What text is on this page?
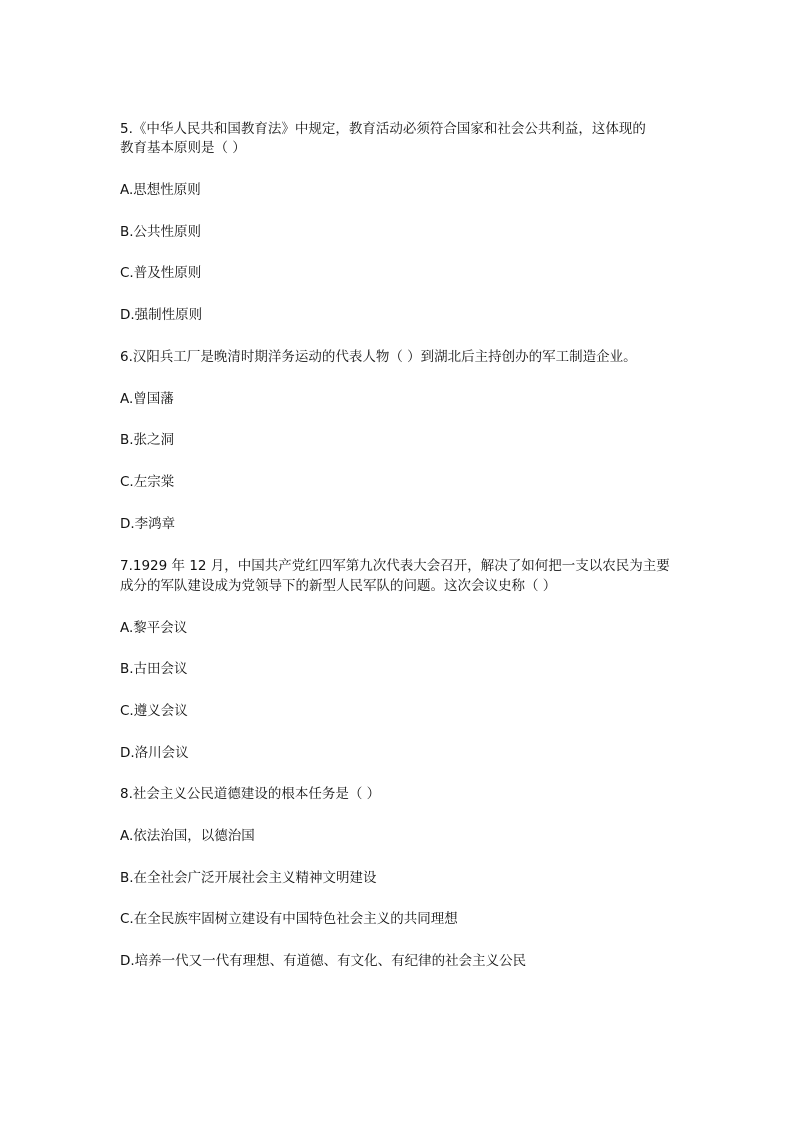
5.《中华人民共和国教育法》中规定，教育活动必须符合国家和社会公共利益，这体现的

教育基本原则是（ ）

A.思想性原则

B.公共性原则

C.普及性原则

D.强制性原则

6.汉阳兵工厂是晚清时期洋务运动的代表人物（ ）到湖北后主持创办的军工制造企业。

A.曾国藩

B.张之洞

C.左宗棠

D.李鸿章

7.1929 年 12 月，中国共产党红四军第九次代表大会召开，解决了如何把一支以农民为主要

成分的军队建设成为党领导下的新型人民军队的问题。这次会议史称（ ）

A.黎平会议

B.古田会议

C.遵义会议

D.洛川会议

8.社会主义公民道德建设的根本任务是（ ）

A.依法治国，以德治国

B.在全社会广泛开展社会主义精神文明建设

C.在全民族牢固树立建设有中国特色社会主义的共同理想

D.培养一代又一代有理想、有道德、有文化、有纪律的社会主义公民
